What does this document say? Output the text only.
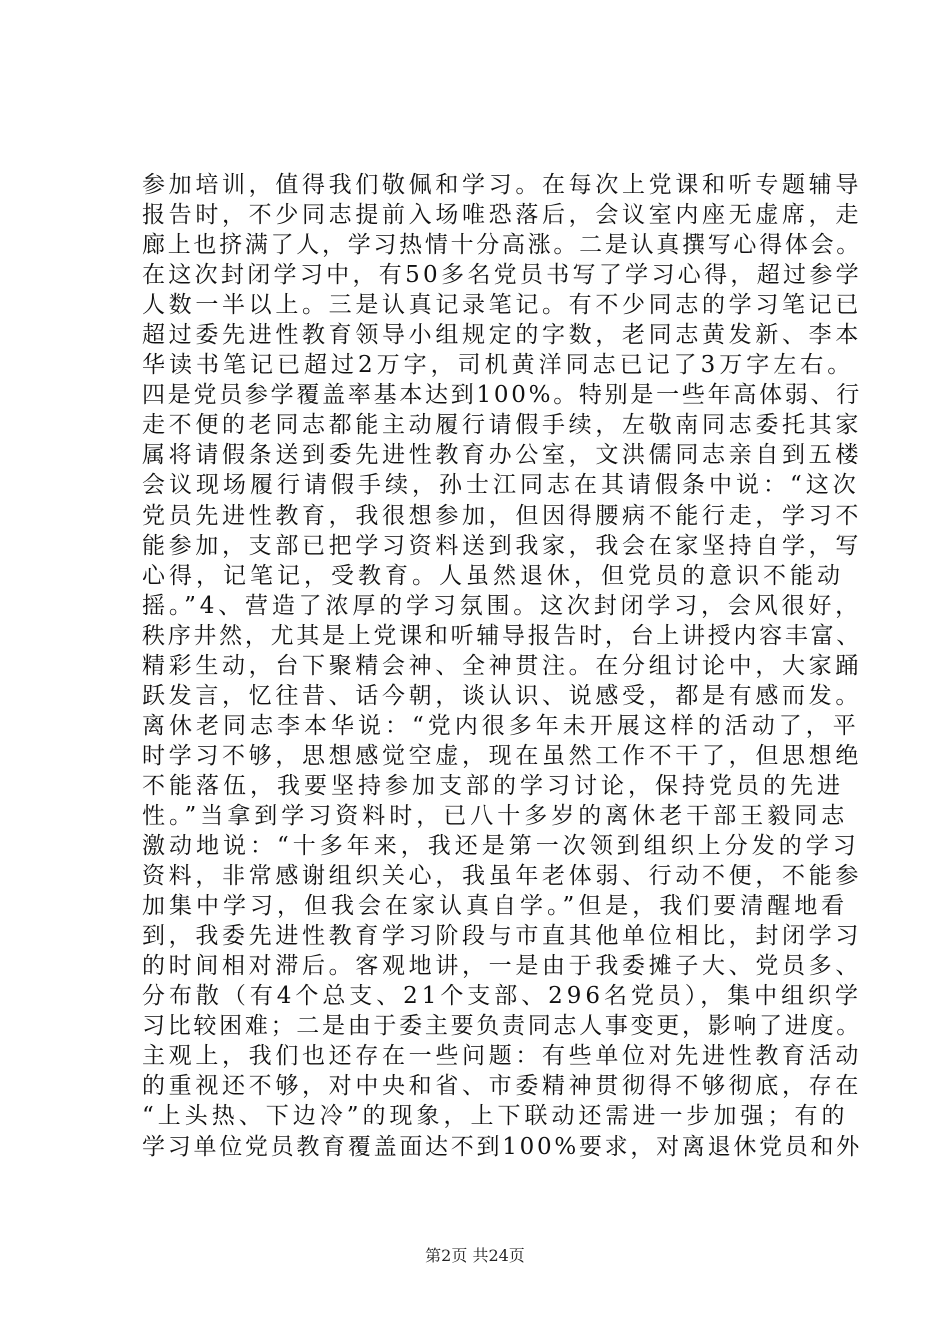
参加培训，值得我们敬佩和学习。在每次上党课和听专题辅导
报告时，不少同志提前入场唯恐落后，会议室内座无虚席，走
廊上也挤满了人，学习热情十分高涨。二是认真撰写心得体会。
在这次封闭学习中，有50多名党员书写了学习心得，超过参学
人数一半以上。三是认真记录笔记。有不少同志的学习笔记已
超过委先进性教育领导小组规定的字数，老同志黄发新、李本
华读书笔记已超过2万字，司机黄洋同志已记了3万字左右。
四是党员参学覆盖率基本达到100%。特别是一些年高体弱、行
走不便的老同志都能主动履行请假手续，左敬南同志委托其家
属将请假条送到委先进性教育办公室，文洪儒同志亲自到五楼
会议现场履行请假手续，孙士江同志在其请假条中说：“这次
党员先进性教育，我很想参加，但因得腰病不能行走，学习不
能参加，支部已把学习资料送到我家，我会在家坚持自学，写
心得，记笔记，受教育。人虽然退休，但党员的意识不能动
摇。”4、营造了浓厚的学习氛围。这次封闭学习，会风很好，
秩序井然，尤其是上党课和听辅导报告时，台上讲授内容丰富、
精彩生动，台下聚精会神、全神贯注。在分组讨论中，大家踊
跃发言，忆往昔、话今朝，谈认识、说感受，都是有感而发。
离休老同志李本华说：“党内很多年未开展这样的活动了，平
时学习不够，思想感觉空虚，现在虽然工作不干了，但思想绝
不能落伍，我要坚持参加支部的学习讨论，保持党员的先进
性。”当拿到学习资料时，已八十多岁的离休老干部王毅同志
激动地说：“十多年来，我还是第一次领到组织上分发的学习
资料，非常感谢组织关心，我虽年老体弱、行动不便，不能参
加集中学习，但我会在家认真自学。”但是，我们要清醒地看
到，我委先进性教育学习阶段与市直其他单位相比，封闭学习
的时间相对滞后。客观地讲，一是由于我委摊子大、党员多、
分布散（有4个总支、21个支部、296名党员），集中组织学
习比较困难；二是由于委主要负责同志人事变更，影响了进度。
主观上，我们也还存在一些问题：有些单位对先进性教育活动
的重视还不够，对中央和省、市委精神贯彻得不够彻底，存在
“上头热、下边冷”的现象，上下联动还需进一步加强；有的
学习单位党员教育覆盖面达不到100%要求，对离退休党员和外
第2页 共24页
